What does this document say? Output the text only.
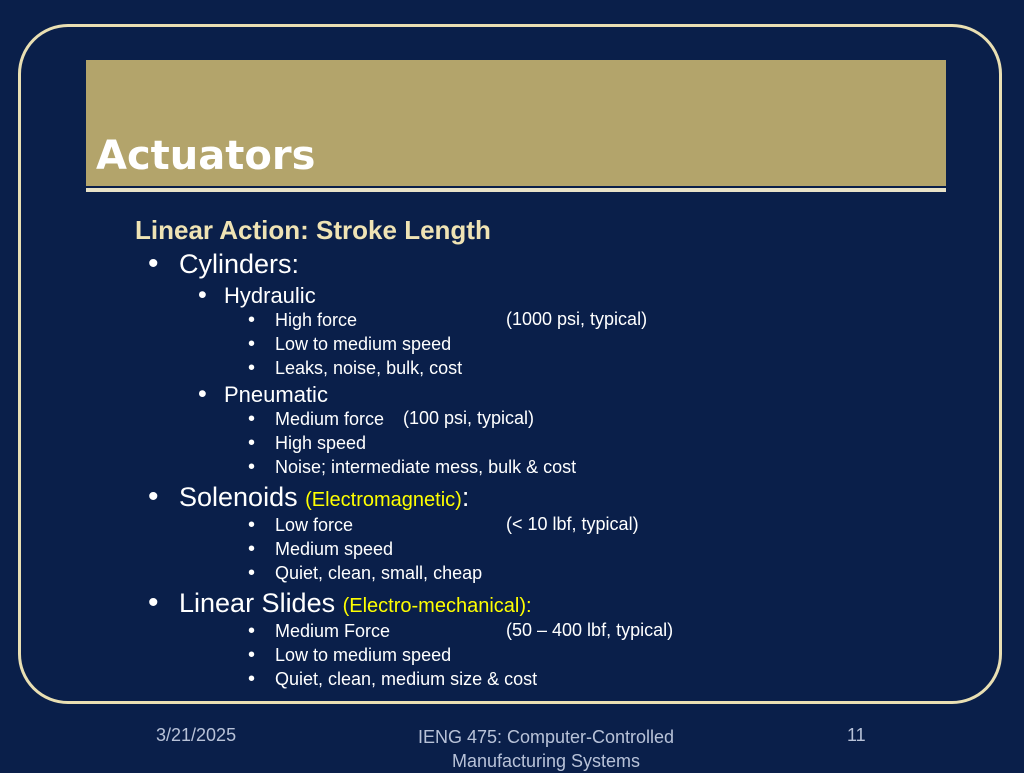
Actuators
Linear Action: Stroke Length
• Cylinders:
• Hydraulic
• High force	(1000 psi, typical)
• Low to medium speed
• Leaks, noise, bulk, cost
• Pneumatic
• Medium force (100 psi, typical)
• High speed
• Noise; intermediate mess, bulk & cost
• Solenoids (Electromagnetic):
• Low force	(< 10 lbf, typical)
• Medium speed
• Quiet, clean, small, cheap
• Linear Slides (Electro-mechanical):
• Medium Force	(50 – 400 lbf, typical)
• Low to medium speed
• Quiet, clean, medium size & cost
3/21/2025	IENG 475: Computer-Controlled
Manufacturing Systems
11
